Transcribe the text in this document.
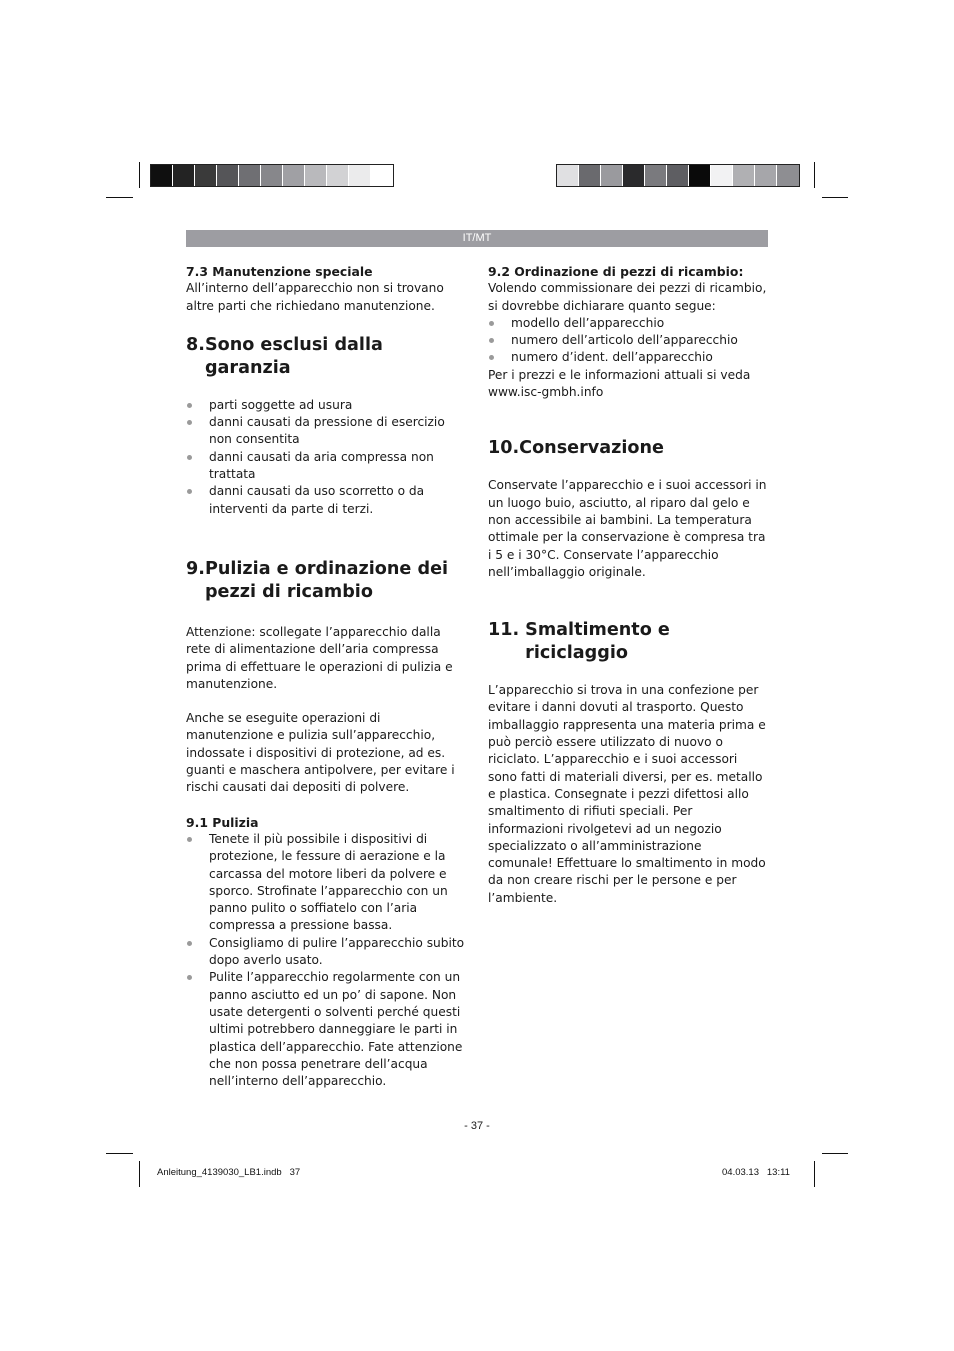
IT/MT

7.3 Manutenzione speciale

All’interno dell’apparecchio non si trovano altre parti che richiedano manutenzione.

8. Sono esclusi dalla garanzia
parti soggette ad usura
danni causati da pressione di esercizio non consentita
danni causati da aria compressa non trattata
danni causati da uso scorretto o da interventi da parte di terzi.
9. Pulizia e ordinazione dei pezzi di ricambio

Attenzione: scollegate l’apparecchio dalla rete di alimentazione dell’aria compressa prima di effettuare le operazioni di pulizia e manutenzione.

Anche se eseguite operazioni di manutenzione e pulizia sull’apparecchio, indossate i dispositivi di protezione, ad es. guanti e maschera antipolvere, per evitare i rischi causati dai depositi di polvere.

9.1 Pulizia

Tenete il più possibile i dispositivi di protezione, le fessure di aerazione e la carcassa del motore liberi da polvere e sporco. Strofinate l’apparecchio con un panno pulito o soffiatelo con l’aria compressa a pressione bassa.
Consigliamo di pulire l’apparecchio subito dopo averlo usato.
Pulite l’apparecchio regolarmente con un panno asciutto ed un po’ di sapone. Non usate detergenti o solventi perché questi ultimi potrebbero danneggiare le parti in plastica dell’apparecchio. Fate attenzione che non possa penetrare dell’acqua nell’interno dell’apparecchio.

9.2 Ordinazione di pezzi di ricambio:

Volendo commissionare dei pezzi di ricambio, si dovrebbe dichiarare quanto segue:

modello dell’apparecchio
numero dell’articolo dell’apparecchio
numero d’ident. dell’apparecchio

Per i prezzi e le informazioni attuali si veda www.isc-gmbh.info

10. Conservazione

Conservate l’apparecchio e i suoi accessori in un luogo buio, asciutto, al riparo dal gelo e non accessibile ai bambini. La temperatura ottimale per la conservazione è compresa tra i 5 e i 30°C. Conservate l’apparecchio nell’imballaggio originale.

11. Smaltimento e riciclaggio

L’apparecchio si trova in una confezione per evitare i danni dovuti al trasporto. Questo imballaggio rappresenta una materia prima e può perciò essere utilizzato di nuovo o riciclato. L’apparecchio e i suoi accessori sono fatti di materiali diversi, per es. metallo e plastica. Consegnate i pezzi difettosi allo smaltimento di rifiuti speciali. Per informazioni rivolgetevi ad un negozio specializzato o all’amministrazione comunale! Effettuare lo smaltimento in modo da non creare rischi per le persone e per l’ambiente.

- 37 -
Anleitung_4139030_LB1.indb   37	04.03.13   13:11
